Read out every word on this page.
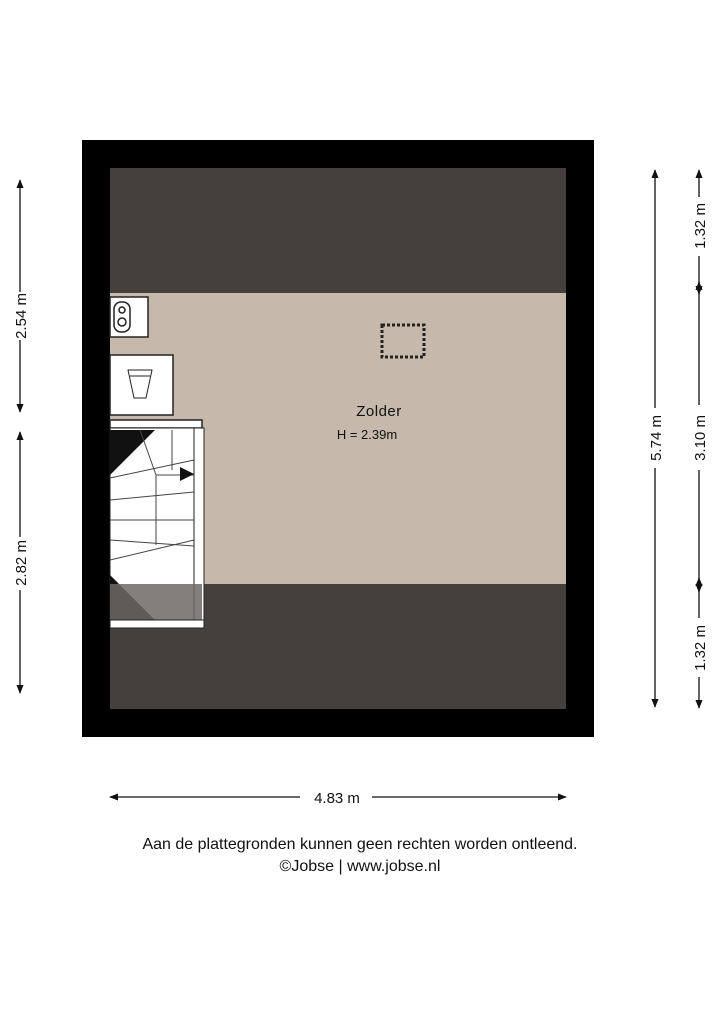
Zolder
H = 2.39m
2.54 m
2.82 m
5.74 m
1.32 m
3.10 m
1.32 m
4.83 m
Aan de plattegronden kunnen geen rechten worden ontleend.
©Jobse | www.jobse.nl
